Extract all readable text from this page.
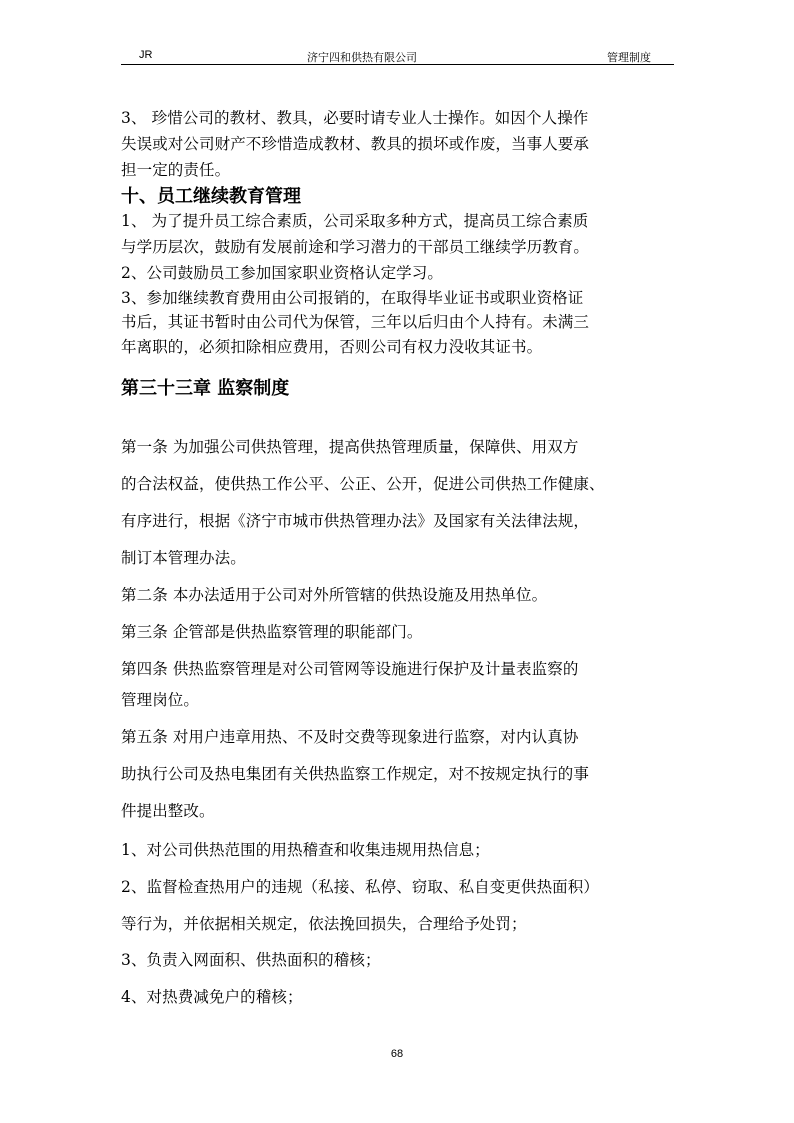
JR	济宁四和供热有限公司	管理制度
3、 珍惜公司的教材、教具，必要时请专业人士操作。如因个人操作
失误或对公司财产不珍惜造成教材、教具的损坏或作废，当事人要承
担一定的责任。
十、员工继续教育管理
1、 为了提升员工综合素质，公司采取多种方式，提高员工综合素质
与学历层次，鼓励有发展前途和学习潜力的干部员工继续学历教育。
2、公司鼓励员工参加国家职业资格认定学习。
3、参加继续教育费用由公司报销的，在取得毕业证书或职业资格证
书后，其证书暂时由公司代为保管，三年以后归由个人持有。未满三
年离职的，必须扣除相应费用，否则公司有权力没收其证书。
第三十三章 监察制度
第一条 为加强公司供热管理，提高供热管理质量，保障供、用双方
的合法权益，使供热工作公平、公正、公开，促进公司供热工作健康、
有序进行，根据《济宁市城市供热管理办法》及国家有关法律法规，
制订本管理办法。
第二条 本办法适用于公司对外所管辖的供热设施及用热单位。
第三条 企管部是供热监察管理的职能部门。
第四条 供热监察管理是对公司管网等设施进行保护及计量表监察的
管理岗位。
第五条 对用户违章用热、不及时交费等现象进行监察，对内认真协
助执行公司及热电集团有关供热监察工作规定，对不按规定执行的事
件提出整改。
1、对公司供热范围的用热稽查和收集违规用热信息；
2、监督检查热用户的违规（私接、私停、窃取、私自变更供热面积）
等行为，并依据相关规定，依法挽回损失，合理给予处罚；
3、负责入网面积、供热面积的稽核；
4、对热费减免户的稽核；
68
